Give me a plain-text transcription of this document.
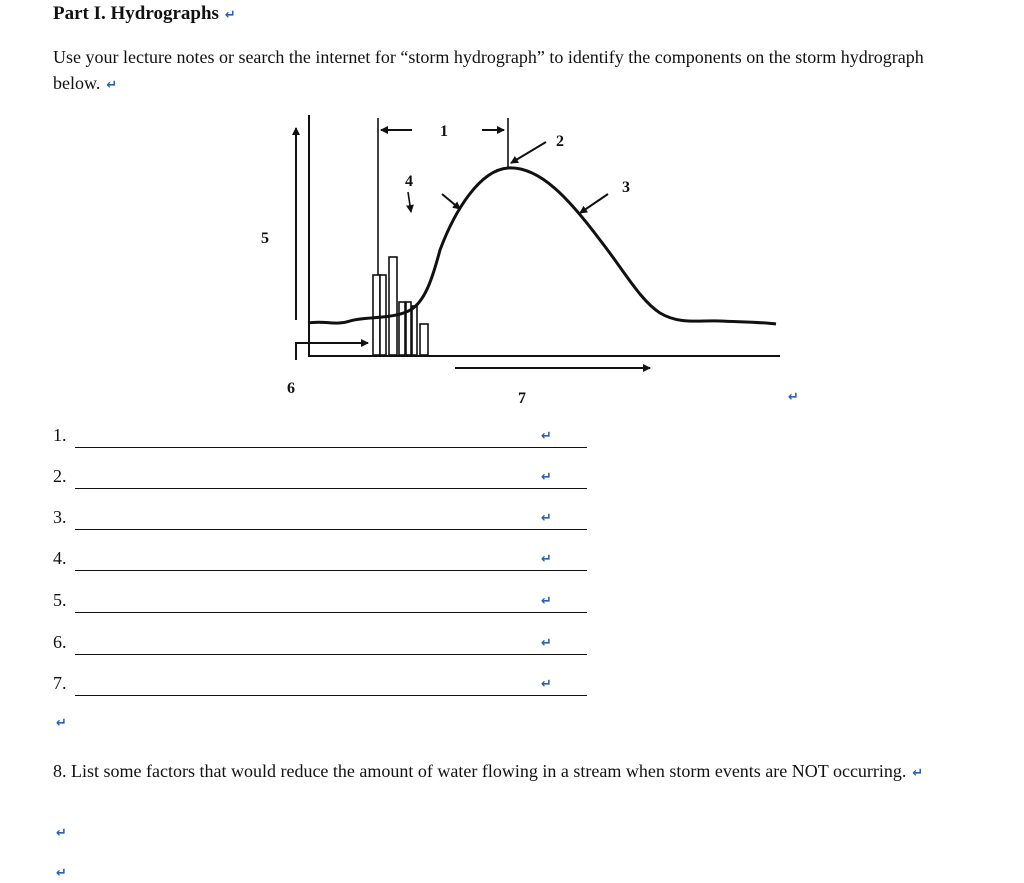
Part I. Hydrographs ↵
Use your lecture notes or search the internet for “storm hydrograph” to identify the components on the storm hydrograph below. ↵
1
2
3
4
5
6
7	↵
1.	↵
2.	↵
3.	↵
4.	↵
5.	↵
6.	↵
7.	↵
↵
8. List some factors that would reduce the amount of water flowing in a stream when storm events are NOT occurring. ↵
↵
↵
